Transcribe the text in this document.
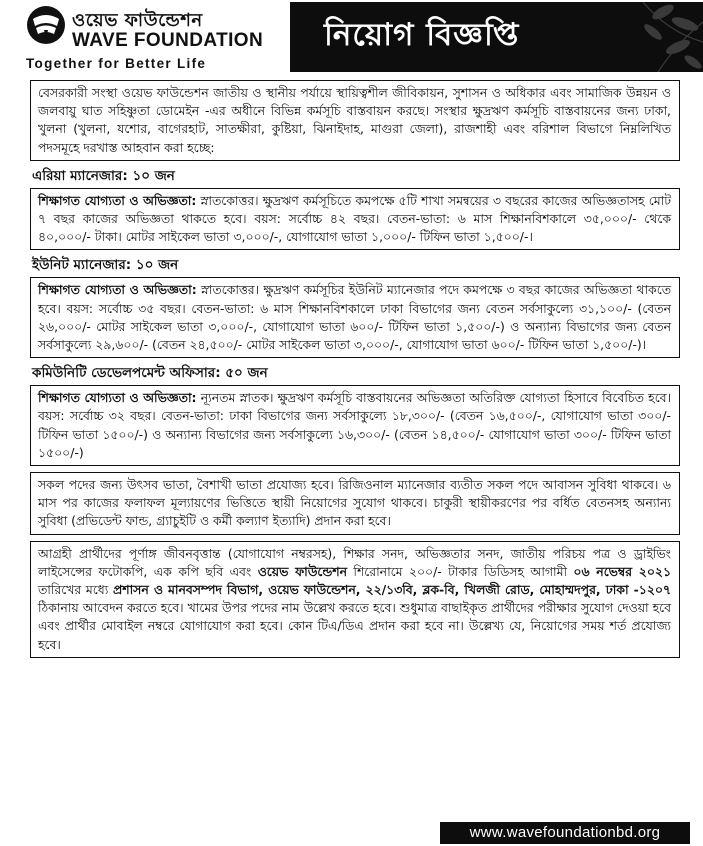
ওয়েভ ফাউন্ডেশন
WAVE FOUNDATION
Together for Better Life
নিয়োগ বিজ্ঞপ্তি
বেসরকারী সংস্থা ওয়েভ ফাউন্ডেশন জাতীয় ও স্থানীয় পর্যায়ে স্থায়িত্বশীল জীবিকায়ন, সুশাসন ও অধিকার এবং সামাজিক উন্নয়ন ও জলবায়ু ঘাত সহিষ্ণুতা ডোমেইন -এর অধীনে বিভিন্ন কর্মসূচি বাস্তবায়ন করছে। সংস্থার ক্ষুদ্রঋণ কর্মসূচি বাস্তবায়নের জন্য ঢাকা, খুলনা (খুলনা, যশোর, বাগেরহাট, সাতক্ষীরা, কুষ্টিয়া, ঝিনাইদাহ, মাগুরা জেলা), রাজশাহী এবং বরিশাল বিভাগে নিম্নলিখিত পদসমূহে দরখাস্ত আহবান করা হচ্ছে:
এরিয়া ম্যানেজার: ১০ জন
শিক্ষাগত যোগ্যতা ও অভিজ্ঞতা: স্নাতকোত্তর। ক্ষুদ্রঋণ কর্মসূচিতে কমপক্ষে ৫টি শাখা সমন্বয়ের ৩ বছরের কাজের অভিজ্ঞতাসহ মোট ৭ বছর কাজের অভিজ্ঞতা থাকতে হবে। বয়স: সর্বোচ্চ ৪২ বছর। বেতন-ভাতা: ৬ মাস শিক্ষানবিশকালে ৩৫,০০০/- থেকে ৪০,০০০/- টাকা। মোটর সাইকেল ভাতা ৩,০০০/-, যোগাযোগ ভাতা ১,০০০/- টিফিন ভাতা ১,৫০০/-।
ইউনিট ম্যানেজার: ১০ জন
শিক্ষাগত যোগ্যতা ও অভিজ্ঞতা: স্নাতকোত্তর। ক্ষুদ্রঋণ কর্মসূচির ইউনিট ম্যানেজার পদে কমপক্ষে ৩ বছর কাজের অভিজ্ঞতা থাকতে হবে। বয়স: সর্বোচ্চ ৩৫ বছর। বেতন-ভাতা: ৬ মাস শিক্ষানবিশকালে ঢাকা বিভাগের জন্য বেতন সর্বসাকুল্যে ৩১,১০০/- (বেতন ২৬,০০০/- মোটর সাইকেল ভাতা ৩,০০০/-, যোগাযোগ ভাতা ৬০০/- টিফিন ভাতা ১,৫০০/-) ও অন্যান্য বিভাগের জন্য বেতন সর্বসাকুল্যে ২৯,৬০০/- (বেতন ২৪,৫০০/- মোটর সাইকেল ভাতা ৩,০০০/-, যোগাযোগ ভাতা ৬০০/- টিফিন ভাতা ১,৫০০/-)।
কমিউনিটি ডেভেলপমেন্ট অফিসার: ৫০ জন
শিক্ষাগত যোগ্যতা ও অভিজ্ঞতা: ন্যূনতম স্নাতক। ক্ষুদ্রঋণ কর্মসূচি বাস্তবায়নের অভিজ্ঞতা অতিরিক্ত যোগ্যতা হিসাবে বিবেচিত হবে। বয়স: সর্বোচ্চ ৩২ বছর। বেতন-ভাতা: ঢাকা বিভাগের জন্য সর্বসাকুল্যে ১৮,৩০০/- (বেতন ১৬,৫০০/-, যোগাযোগ ভাতা ৩০০/- টিফিন ভাতা ১৫০০/-) ও অন্যান্য বিভাগের জন্য সর্বসাকুল্যে ১৬,৩০০/- (বেতন ১৪,৫০০/- যোগাযোগ ভাতা ৩০০/- টিফিন ভাতা ১৫০০/-)
সকল পদের জন্য উৎসব ভাতা, বৈশাখী ভাতা প্রযোজ্য হবে। রিজিওনাল ম্যানেজার ব্যতীত সকল পদে আবাসন সুবিধা থাকবে। ৬ মাস পর কাজের ফলাফল মূল্যায়ণের ভিত্তিতে স্থায়ী নিয়োগের সুযোগ থাকবে। চাকুরী স্থায়ীকরণের পর বর্ধিত বেতনসহ অন্যান্য সুবিধা (প্রভিডেন্ট ফান্ড, গ্র্যাচুইটি ও কর্মী কল্যাণ ইত্যাদি) প্রদান করা হবে।
আগ্রহী প্রার্থীদের পূর্ণাঙ্গ জীবনবৃত্তান্ত (যোগাযোগ নম্বরসহ), শিক্ষার সনদ, অভিজ্ঞতার সনদ, জাতীয় পরিচয় পত্র ও ড্রাইভিং লাইসেন্সের ফটোকপি, এক কপি ছবি এবং ওয়েভ ফাউন্ডেশন শিরোনামে ২০০/- টাকার ডিডিসহ আগামী ০৬ নভেম্বর ২০২১ তারিখের মধ্যে প্রশাসন ও মানবসম্পদ বিভাগ, ওয়েভ ফাউন্ডেশন, ২২/১৩বি, ব্লক-বি, খিলজী রোড, মোহাম্মদপুর, ঢাকা -১২০৭ ঠিকানায় আবেদন করতে হবে। খামের উপর পদের নাম উল্লেখ করতে হবে। শুধুমাত্র বাছাইকৃত প্রার্থীদের পরীক্ষার সুযোগ দেওয়া হবে এবং প্রার্থীর মোবাইল নম্বরে যোগাযোগ করা হবে। কোন টিএ/ডিএ প্রদান করা হবে না। উল্লেখ্য যে, নিয়োগের সময় শর্ত প্রযোজ্য হবে।
www.wavefoundationbd.org
